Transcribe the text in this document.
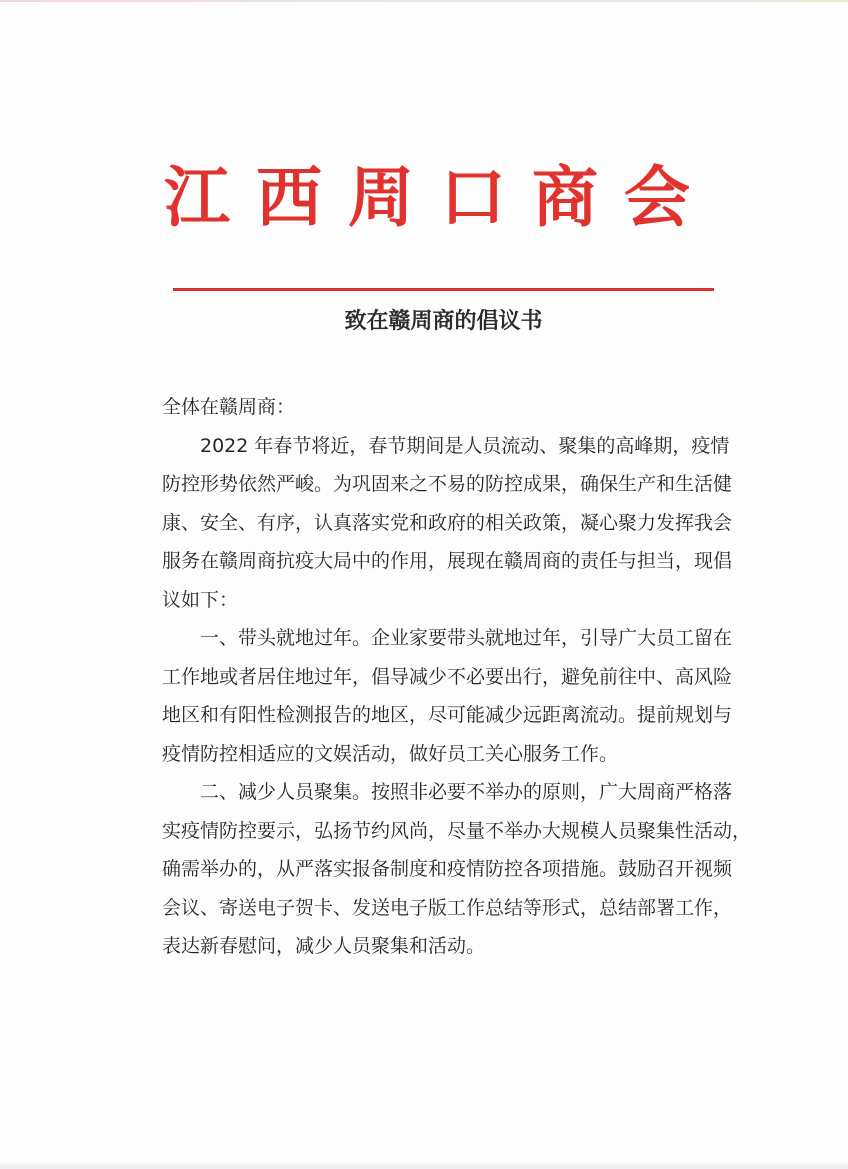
江西周口商会
致在赣周商的倡议书
全体在赣周商：
2022 年春节将近，春节期间是人员流动、聚集的高峰期，疫情
防控形势依然严峻。为巩固来之不易的防控成果，确保生产和生活健
康、安全、有序，认真落实党和政府的相关政策，凝心聚力发挥我会
服务在赣周商抗疫大局中的作用，展现在赣周商的责任与担当，现倡
议如下：
一、带头就地过年。企业家要带头就地过年，引导广大员工留在
工作地或者居住地过年，倡导减少不必要出行，避免前往中、高风险
地区和有阳性检测报告的地区，尽可能减少远距离流动。提前规划与
疫情防控相适应的文娱活动，做好员工关心服务工作。
二、减少人员聚集。按照非必要不举办的原则，广大周商严格落
实疫情防控要示，弘扬节约风尚，尽量不举办大规模人员聚集性活动，
确需举办的，从严落实报备制度和疫情防控各项措施。鼓励召开视频
会议、寄送电子贺卡、发送电子版工作总结等形式，总结部署工作，
表达新春慰问，减少人员聚集和活动。
